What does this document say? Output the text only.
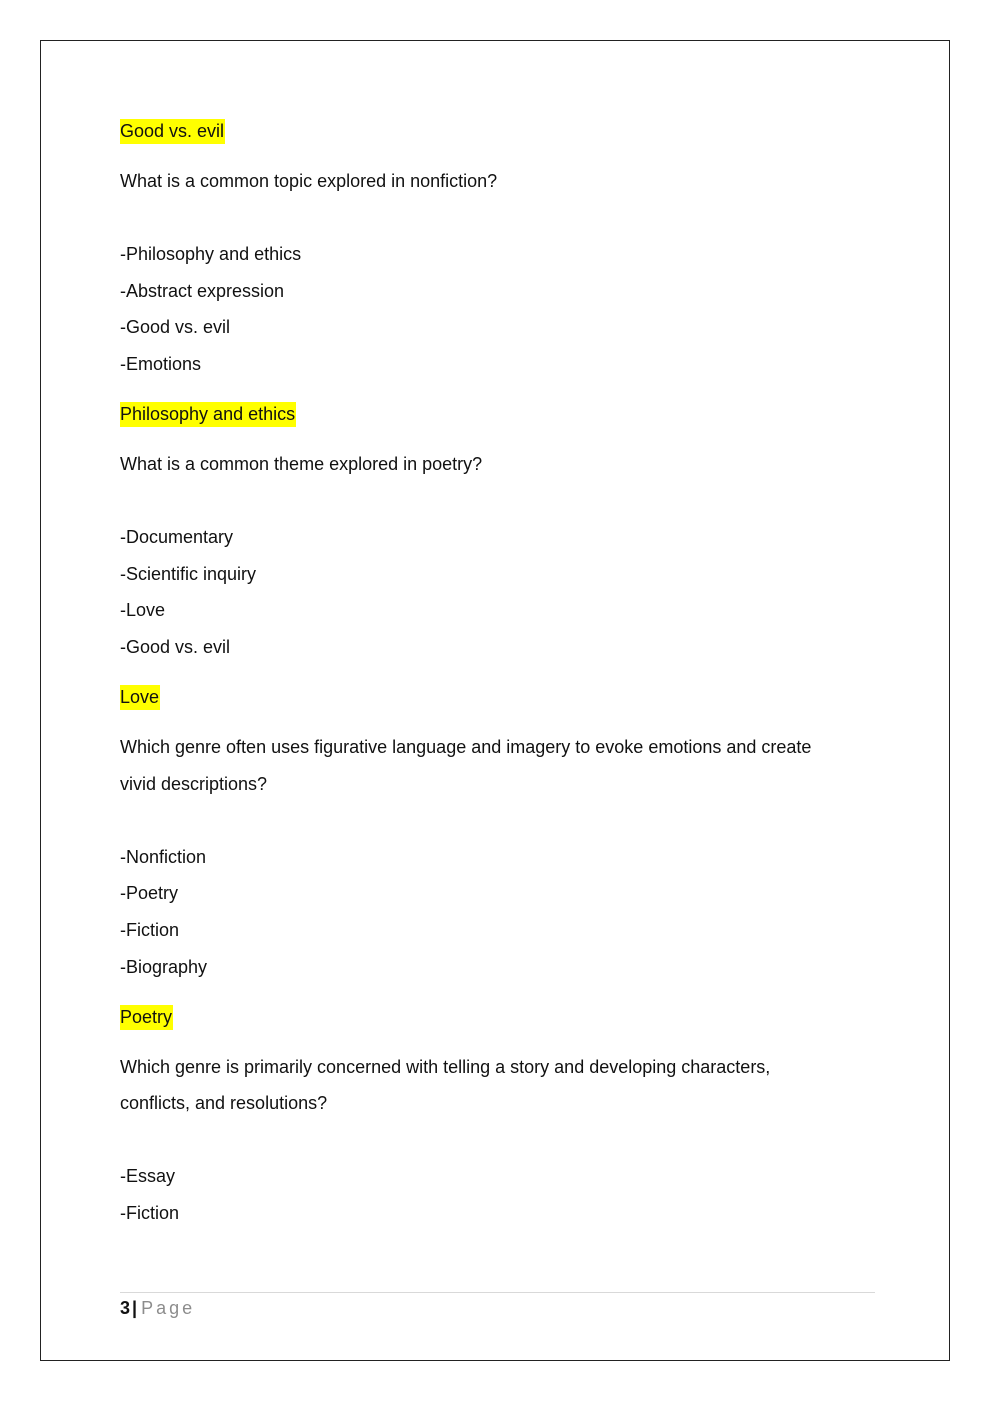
Good vs. evil
What is a common topic explored in nonfiction?
-Philosophy and ethics
-Abstract expression
-Good vs. evil
-Emotions
Philosophy and ethics
What is a common theme explored in poetry?
-Documentary
-Scientific inquiry
-Love
-Good vs. evil
Love
Which genre often uses figurative language and imagery to evoke emotions and create
vivid descriptions?
-Nonfiction
-Poetry
-Fiction
-Biography
Poetry
Which genre is primarily concerned with telling a story and developing characters,
conflicts, and resolutions?
-Essay
-Fiction
3 | Page
